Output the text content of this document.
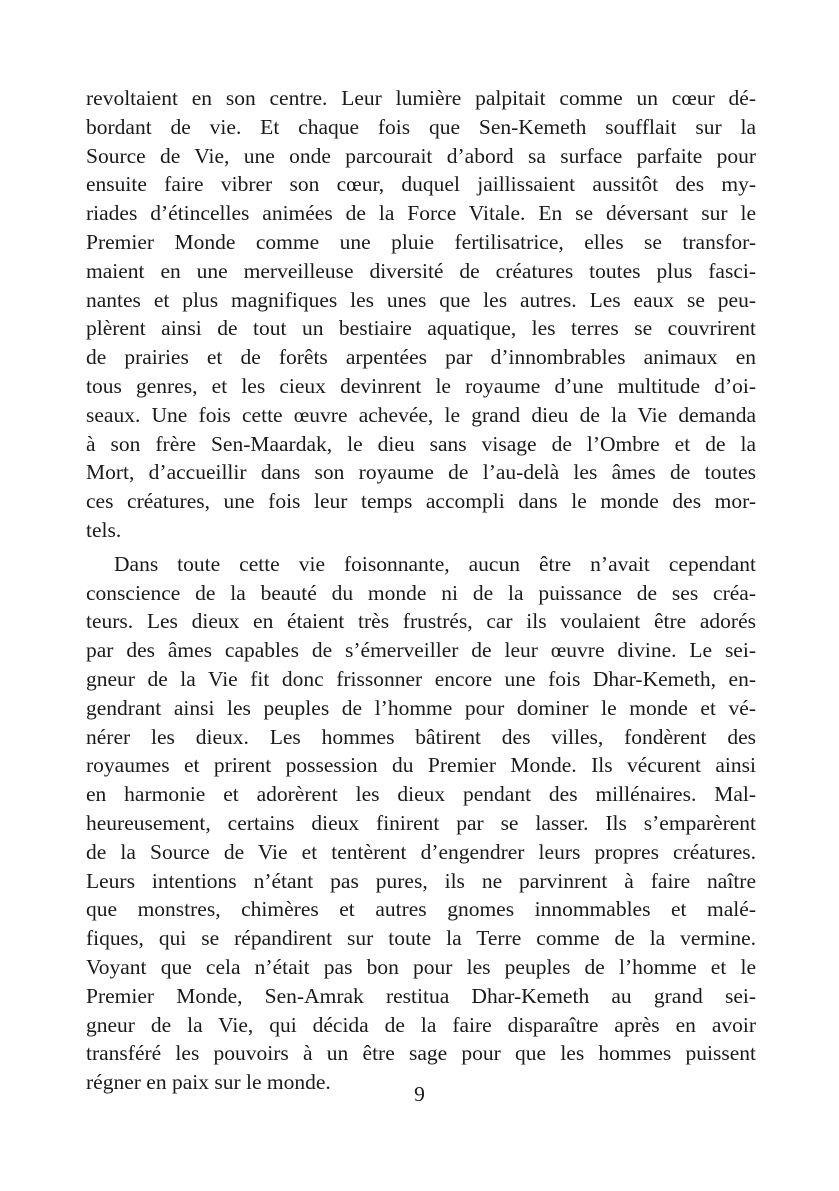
revoltaient en son centre. Leur lumière palpitait comme un cœur dé-
bordant de vie. Et chaque fois que Sen-Kemeth soufflait sur la
Source de Vie, une onde parcourait d’abord sa surface parfaite pour
ensuite faire vibrer son cœur, duquel jaillissaient aussitôt des my-
riades d’étincelles animées de la Force Vitale. En se déversant sur le
Premier Monde comme une pluie fertilisatrice, elles se transfor-
maient en une merveilleuse diversité de créatures toutes plus fasci-
nantes et plus magnifiques les unes que les autres. Les eaux se peu-
plèrent ainsi de tout un bestiaire aquatique, les terres se couvrirent
de prairies et de forêts arpentées par d’innombrables animaux en
tous genres, et les cieux devinrent le royaume d’une multitude d’oi-
seaux. Une fois cette œuvre achevée, le grand dieu de la Vie demanda
à son frère Sen-Maardak, le dieu sans visage de l’Ombre et de la
Mort, d’accueillir dans son royaume de l’au-delà les âmes de toutes
ces créatures, une fois leur temps accompli dans le monde des mor-
tels.
Dans toute cette vie foisonnante, aucun être n’avait cependant
conscience de la beauté du monde ni de la puissance de ses créa-
teurs. Les dieux en étaient très frustrés, car ils voulaient être adorés
par des âmes capables de s’émerveiller de leur œuvre divine. Le sei-
gneur de la Vie fit donc frissonner encore une fois Dhar-Kemeth, en-
gendrant ainsi les peuples de l’homme pour dominer le monde et vé-
nérer les dieux. Les hommes bâtirent des villes, fondèrent des
royaumes et prirent possession du Premier Monde. Ils vécurent ainsi
en harmonie et adorèrent les dieux pendant des millénaires. Mal-
heureusement, certains dieux finirent par se lasser. Ils s’emparèrent
de la Source de Vie et tentèrent d’engendrer leurs propres créatures.
Leurs intentions n’étant pas pures, ils ne parvinrent à faire naître
que monstres, chimères et autres gnomes innommables et malé-
fiques, qui se répandirent sur toute la Terre comme de la vermine.
Voyant que cela n’était pas bon pour les peuples de l’homme et le
Premier Monde, Sen-Amrak restitua Dhar-Kemeth au grand sei-
gneur de la Vie, qui décida de la faire disparaître après en avoir
transféré les pouvoirs à un être sage pour que les hommes puissent
régner en paix sur le monde.	9
